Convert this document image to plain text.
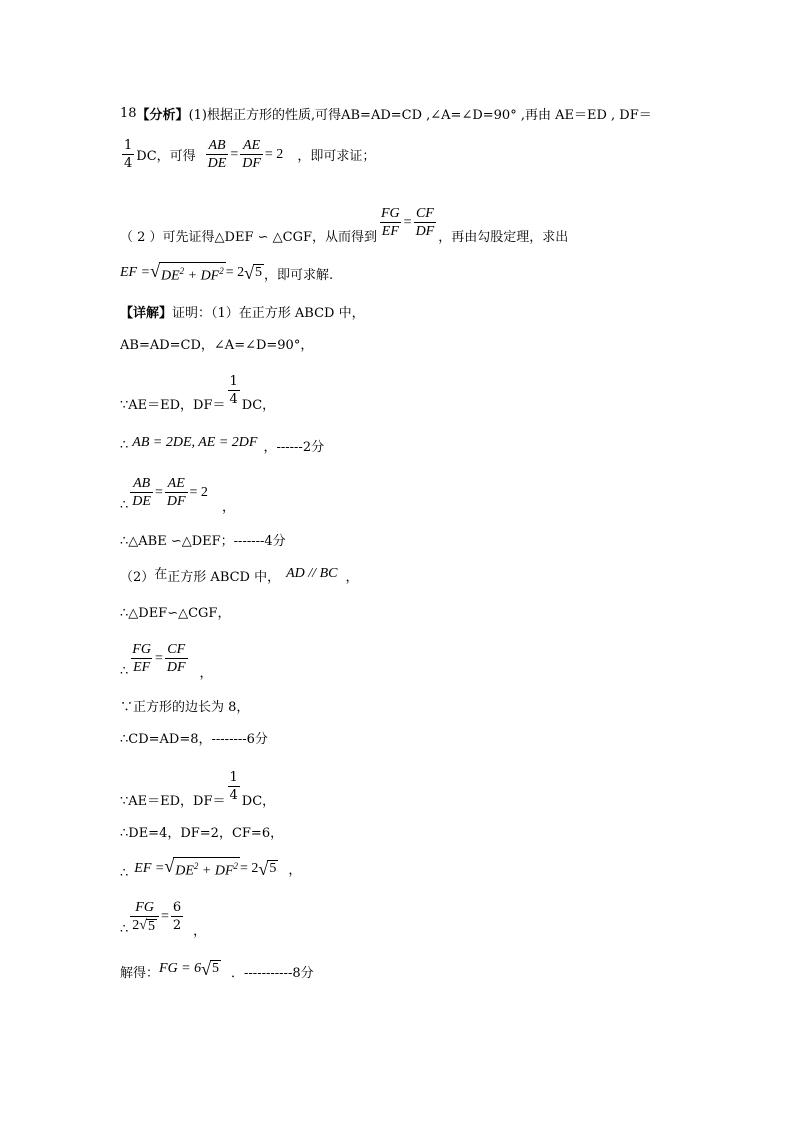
18 【分析】 (1)根据正方形的性质,可得AB=AD=CD ,∠A=∠D=90° ,再由 AE＝ED , DF＝
$\frac{1}{4}$ DC，可得 $\frac{AB}{DE} = \frac{AE}{DF} = 2$ ，即可求证；
（ 2 ）可先证得△DEF ∽ △CGF，从而得到 $\frac{FG}{EF} = \frac{CF}{DF}$ ，再由勾股定理，求出
EF = √ $DE^2 + DF^2 = 2$ √ 5 ，即可求解.
【详解】 证明：（1）在正方形 ABCD 中，
AB=AD=CD，∠A=∠D=90°，
∵AE＝ED，$DF= \frac{1}{4}$ DC，
∴ AB = 2DE, AE = 2DF ，------2分
∴ $\frac{AB}{DE} = \frac{AE}{DF} = 2$
，
∴△ABE ∽△DEF；-------4分
（2） 在 正方形 ABCD 中， AD // BC ，
∴△DEF∽△CGF，
∴ $\frac{FG}{EF} = \frac{CF}{DF}$ ，
∵正方形的边长为 8，
∴CD=AD=8，--------6分
∵AE＝ED，$DF= \frac{1}{4}$ DC，
∴DE=4，DF=2，CF=6，
∴ EF = √ $DE^2 + DF^2 = 2$ √ 5 ，
∴ $\frac{FG}{2 √ 5} = \frac{6}{2}$ ，
解得： FG = 6 √ 5 ．-----------8分
